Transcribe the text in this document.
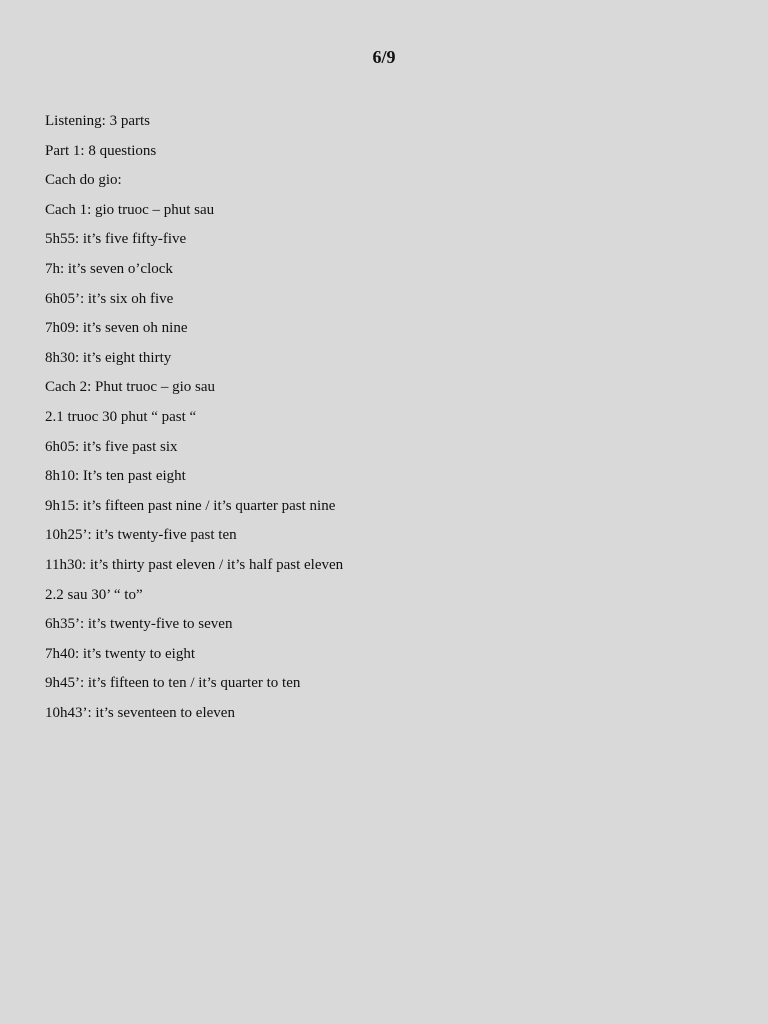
6/9
Listening: 3 parts
Part 1: 8 questions
Cach do gio:
Cach 1: gio truoc – phut sau
5h55: it’s five fifty-five
7h: it’s seven o’clock
6h05’: it’s six oh five
7h09: it’s seven oh nine
8h30: it’s eight thirty
Cach 2: Phut truoc – gio sau
2.1 truoc 30 phut “ past “
6h05: it’s five past six
8h10: It’s ten past eight
9h15: it’s fifteen past nine / it’s quarter past nine
10h25’: it’s twenty-five past ten
11h30: it’s thirty past eleven / it’s half past eleven
2.2 sau 30’ “ to”
6h35’: it’s twenty-five to seven
7h40: it’s twenty to eight
9h45’: it’s fifteen to ten / it’s quarter to ten
10h43’: it’s seventeen to eleven
